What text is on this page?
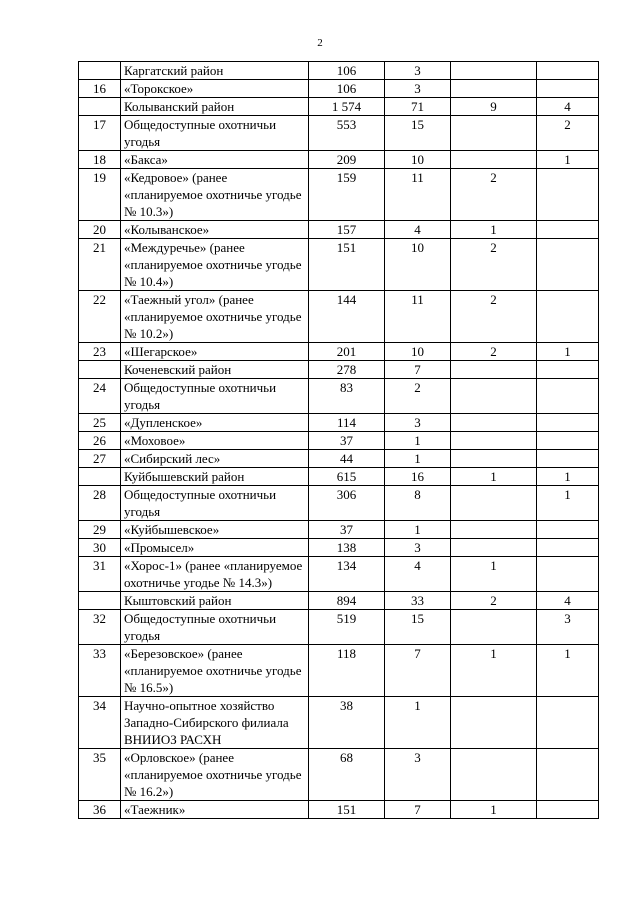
2
	Каргатский район	106	3		
16	«Торокское»	106	3		
	Колыванский район	1 574	71	9	4
17	Общедоступные охотничьи угодья	553	15		2
18	«Бакса»	209	10		1
19	«Кедровое» (ранее «планируемое охотничье угодье № 10.3»)	159	11	2	
20	«Колыванское»	157	4	1	
21	«Междуречье» (ранее «планируемое охотничье угодье № 10.4»)	151	10	2	
22	«Таежный угол» (ранее «планируемое охотничье угодье № 10.2»)	144	11	2	
23	«Шегарское»	201	10	2	1
	Коченевский район	278	7		
24	Общедоступные охотничьи угодья	83	2		
25	«Дупленское»	114	3		
26	«Моховое»	37	1		
27	«Сибирский лес»	44	1		
	Куйбышевский район	615	16	1	1
28	Общедоступные охотничьи угодья	306	8		1
29	«Куйбышевское»	37	1		
30	«Промысел»	138	3		
31	«Хорос-1» (ранее «планируемое охотничье угодье № 14.3»)	134	4	1	
	Кыштовский район	894	33	2	4
32	Общедоступные охотничьи угодья	519	15		3
33	«Березовское» (ранее «планируемое охотничье угодье № 16.5»)	118	7	1	1
34	Научно-опытное хозяйство Западно-Сибирского филиала ВНИИОЗ РАСХН	38	1		
35	«Орловское» (ранее «планируемое охотничье угодье № 16.2»)	68	3		
36	«Таежник»	151	7	1	
